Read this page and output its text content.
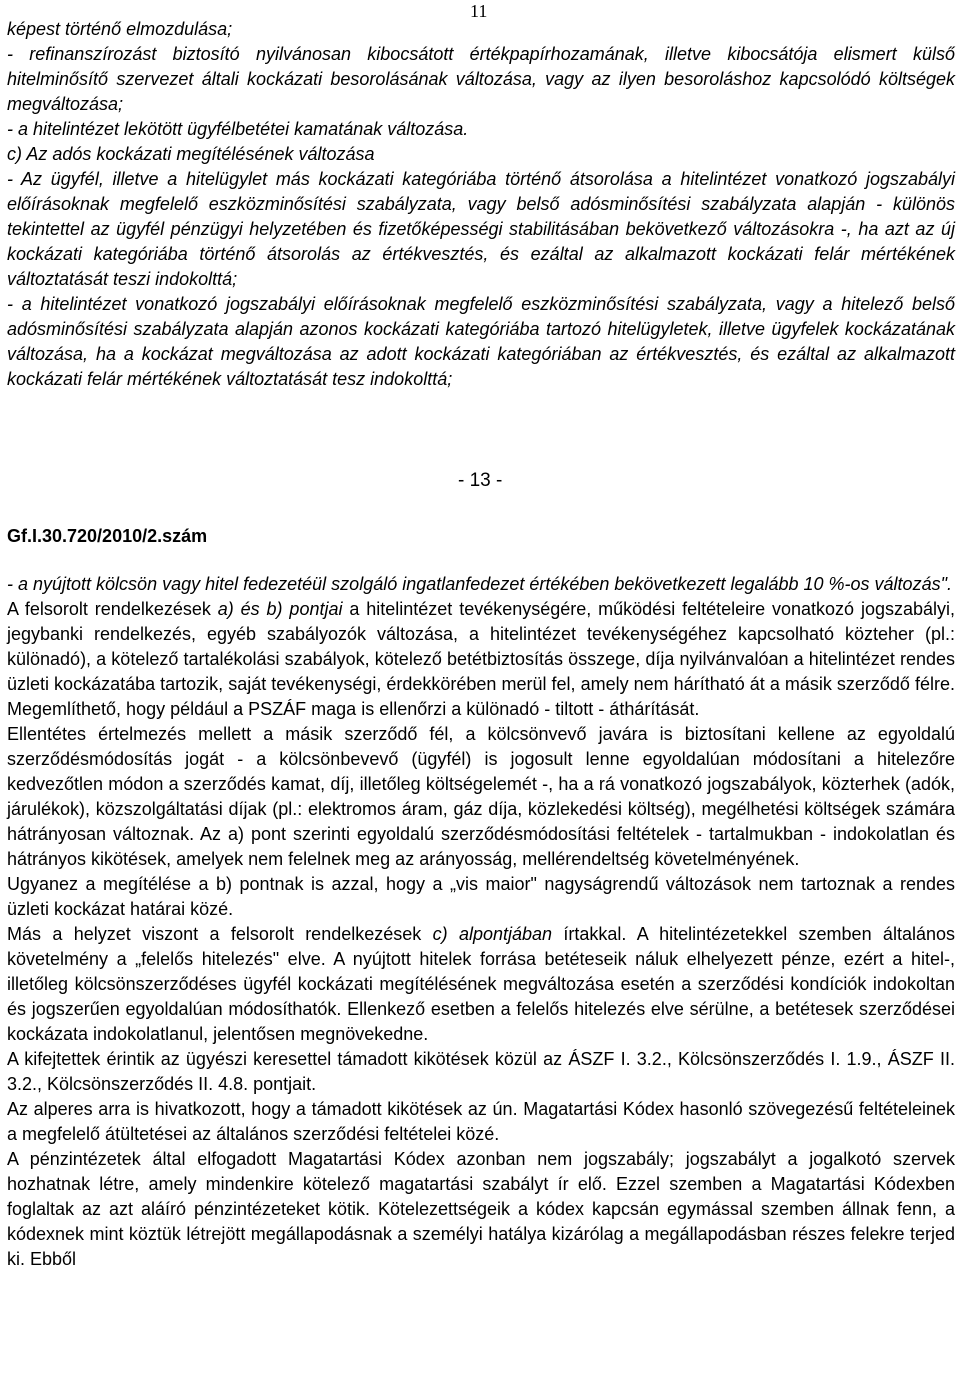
11

képest történő elmozdulása;

- refinanszírozást biztosító nyilvánosan kibocsátott értékpapírhozamának, illetve kibocsátója elismert külső hitelminősítő szervezet általi kockázati besorolásának változása, vagy az ilyen besoroláshoz kapcsolódó költségek megváltozása;

- a hitelintézet lekötött ügyfélbetétei kamatának változása.

c) Az adós kockázati megítélésének változása

- Az ügyfél, illetve a hitelügylet más kockázati kategóriába történő átsorolása a hitelintézet vonatkozó jogszabályi előírásoknak megfelelő eszközminősítési szabályzata, vagy belső adósminősítési szabályzata alapján - különös tekintettel az ügyfél pénzügyi helyzetében és fizetőképességi stabilitásában bekövetkező változásokra -, ha azt az új kockázati kategóriába történő átsorolás az értékvesztés, és ezáltal az alkalmazott kockázati felár mértékének változtatását teszi indokolttá;

- a hitelintézet vonatkozó jogszabályi előírásoknak megfelelő eszközminősítési szabályzata, vagy a hitelező belső adósminősítési szabályzata alapján azonos kockázati kategóriába tartozó hitelügyletek, illetve ügyfelek kockázatának változása, ha a kockázat megváltozása az adott kockázati kategóriában az értékvesztés, és ezáltal az alkalmazott kockázati felár mértékének változtatását tesz indokolttá;

- 13 -
Gf.I.30.720/2010/2.szám

- a nyújtott kölcsön vagy hitel fedezetéül szolgáló ingatlanfedezet értékében bekövetkezett legalább 10 %-os változás".

A felsorolt rendelkezések a) és b) pontjai a hitelintézet tevékenységére, működési feltételeire vonatkozó jogszabályi, jegybanki rendelkezés, egyéb szabályozók változása, a hitelintézet tevékenységéhez kapcsolható közteher (pl.: különadó), a kötelező tartalékolási szabályok, kötelező betétbiztosítás összege, díja nyilvánvalóan a hitelintézet rendes üzleti kockázatába tartozik, saját tevékenységi, érdekkörében merül fel, amely nem hárítható át a másik szerződő félre. Megemlíthető, hogy például a PSZÁF maga is ellenőrzi a különadó - tiltott - áthárítását.

Ellentétes értelmezés mellett a másik szerződő fél, a kölcsönvevő javára is biztosítani kellene az egyoldalú szerződésmódosítás jogát - a kölcsönbevevő (ügyfél) is jogosult lenne egyoldalúan módosítani a hitelezőre kedvezőtlen módon a szerződés kamat, díj, illetőleg költségelemét -, ha a rá vonatkozó jogszabályok, közterhek (adók, járulékok), közszolgáltatási díjak (pl.: elektromos áram, gáz díja, közlekedési költség), megélhetési költségek számára hátrányosan változnak. Az a) pont szerinti egyoldalú szerződésmódosítási feltételek - tartalmukban - indokolatlan és hátrányos kikötések, amelyek nem felelnek meg az arányosság, mellérendeltség követelményének.

Ugyanez a megítélése a b) pontnak is azzal, hogy a „vis maior" nagyságrendű változások nem tartoznak a rendes üzleti kockázat határai közé.

Más a helyzet viszont a felsorolt rendelkezések c) alpontjában írtakkal. A hitelintézetekkel szemben általános követelmény a „felelős hitelezés" elve. A nyújtott hitelek forrása betéteseik náluk elhelyezett pénze, ezért a hitel-, illetőleg kölcsönszerződéses ügyfél kockázati megítélésének megváltozása esetén a szerződési kondíciók indokoltan és jogszerűen egyoldalúan módosíthatók. Ellenkező esetben a felelős hitelezés elve sérülne, a betétesek szerződései kockázata indokolatlanul, jelentősen megnövekedne.

A kifejtettek érintik az ügyészi keresettel támadott kikötések közül az ÁSZF I. 3.2., Kölcsönszerződés I. 1.9., ÁSZF II. 3.2., Kölcsönszerződés II. 4.8. pontjait.

Az alperes arra is hivatkozott, hogy a támadott kikötések az ún. Magatartási Kódex hasonló szövegezésű feltételeinek a megfelelő átültetései az általános szerződési feltételei közé.

A pénzintézetek által elfogadott Magatartási Kódex azonban nem jogszabály; jogszabályt a jogalkotó szervek hozhatnak létre, amely mindenkire kötelező magatartási szabályt ír elő. Ezzel szemben a Magatartási Kódexben foglaltak az azt aláíró pénzintézeteket kötik. Kötelezettségeik a kódex kapcsán egymással szemben állnak fenn, a kódexnek mint köztük létrejött megállapodásnak a személyi hatálya kizárólag a megállapodásban részes felekre terjed ki. Ebből
